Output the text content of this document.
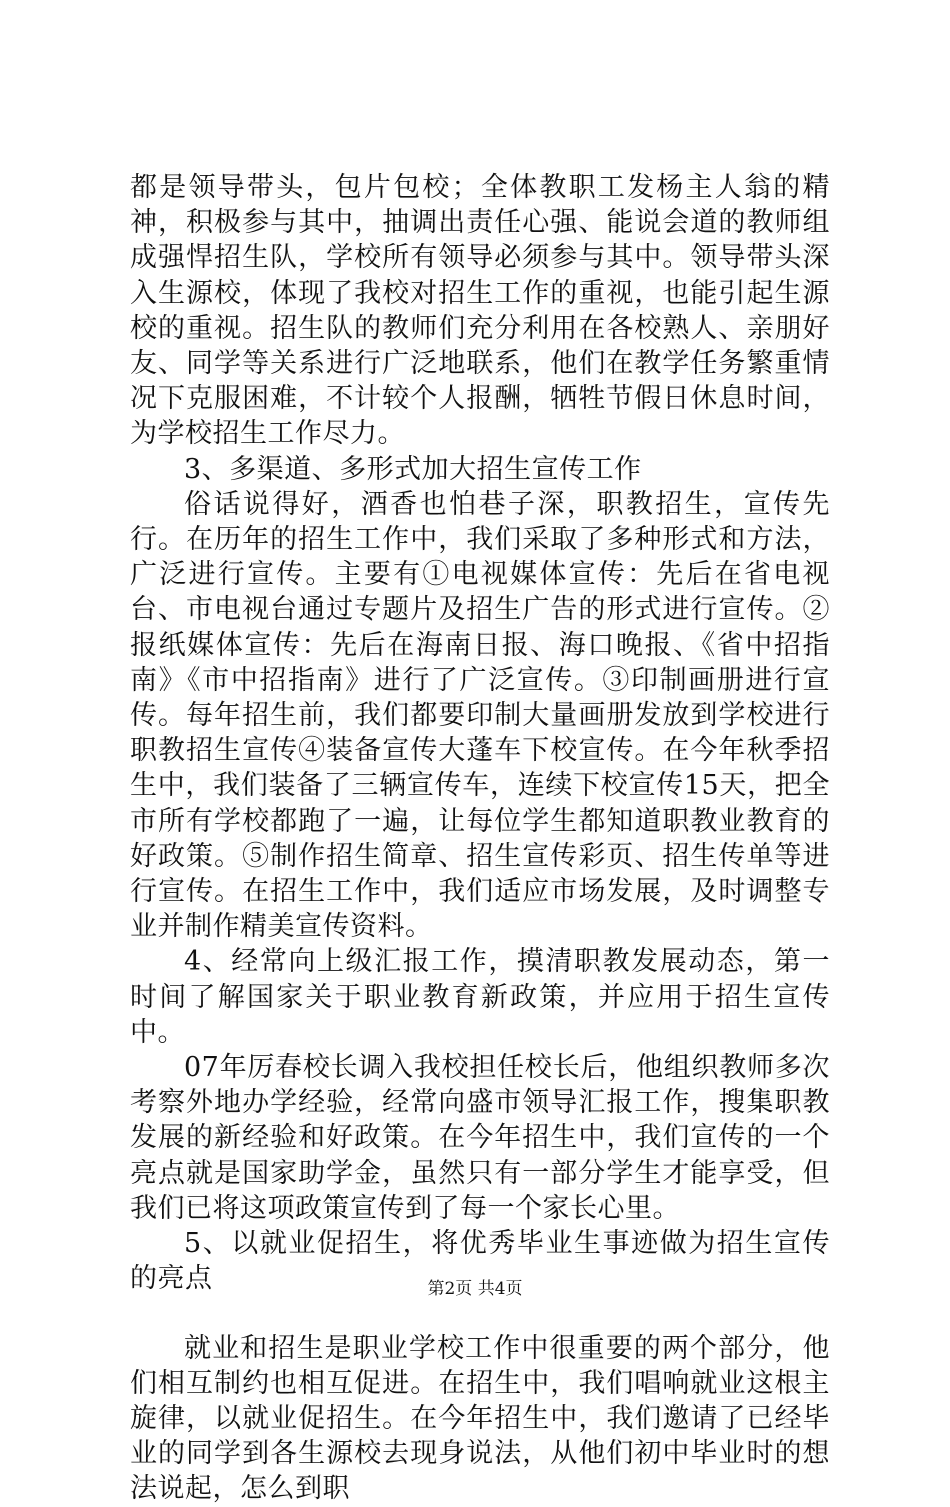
都是领导带头，包片包校；全体教职工发杨主人翁的精神，积极参与其中，抽调出责任心强、能说会道的教师组成强悍招生队，学校所有领导必须参与其中。领导带头深入生源校，体现了我校对招生工作的重视，也能引起生源校的重视。招生队的教师们充分利用在各校熟人、亲朋好友、同学等关系进行广泛地联系，他们在教学任务繁重情况下克服困难，不计较个人报酬，牺牲节假日休息时间，为学校招生工作尽力。

3、多渠道、多形式加大招生宣传工作

俗话说得好，酒香也怕巷子深，职教招生，宣传先行。在历年的招生工作中，我们采取了多种形式和方法，广泛进行宣传。主要有①电视媒体宣传：先后在省电视台、市电视台通过专题片及招生广告的形式进行宣传。②报纸媒体宣传：先后在海南日报、海口晚报、《省中招指南》《市中招指南》进行了广泛宣传。③印制画册进行宣传。每年招生前，我们都要印制大量画册发放到学校进行职教招生宣传④装备宣传大蓬车下校宣传。在今年秋季招生中，我们装备了三辆宣传车，连续下校宣传15天，把全市所有学校都跑了一遍，让每位学生都知道职教业教育的好政策。⑤制作招生简章、招生宣传彩页、招生传单等进行宣传。在招生工作中，我们适应市场发展，及时调整专业并制作精美宣传资料。

4、经常向上级汇报工作，摸清职教发展动态，第一时间了解国家关于职业教育新政策，并应用于招生宣传中。

07年厉春校长调入我校担任校长后，他组织教师多次考察外地办学经验，经常向盛市领导汇报工作，搜集职教发展的新经验和好政策。在今年招生中，我们宣传的一个亮点就是国家助学金，虽然只有一部分学生才能享受，但我们已将这项政策宣传到了每一个家长心里。

5、以就业促招生，将优秀毕业生事迹做为招生宣传的亮点

就业和招生是职业学校工作中很重要的两个部分，他们相互制约也相互促进。在招生中，我们唱响就业这根主旋律，以就业促招生。在今年招生中，我们邀请了已经毕业的同学到各生源校去现身说法，从他们初中毕业时的想法说起，怎么到职

第2页 共4页
